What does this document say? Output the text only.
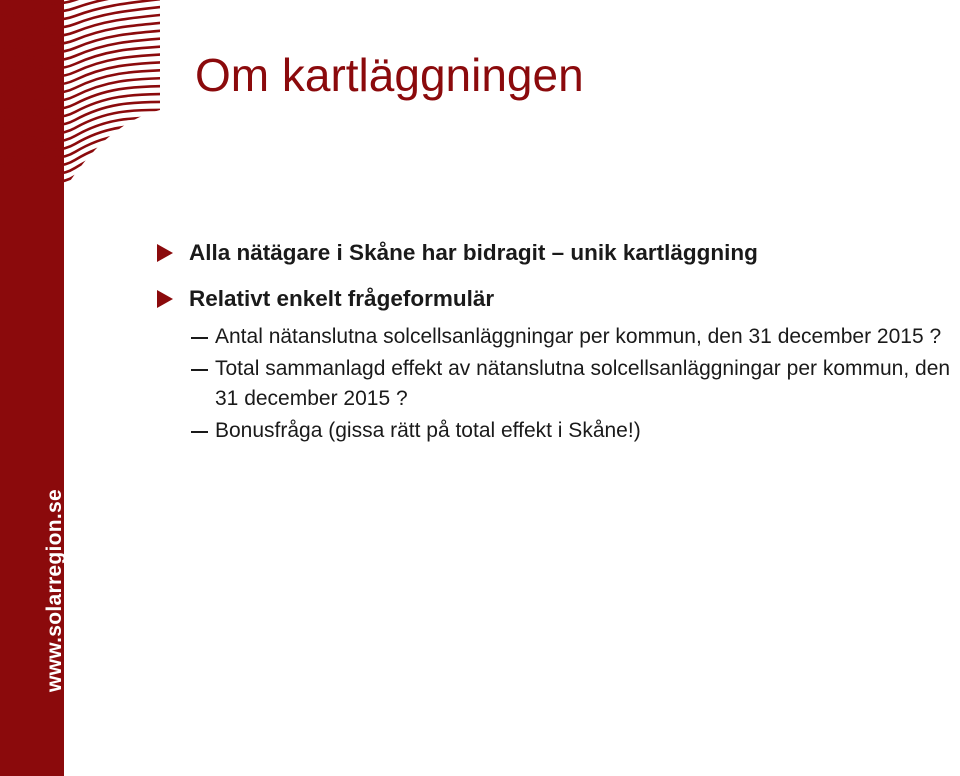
www.solarregion.se
Om kartläggningen
Alla nätägare i Skåne har bidragit – unik kartläggning
Relativt enkelt frågeformulär
Antal nätanslutna solcellsanläggningar per kommun, den 31 december 2015 ?
Total sammanlagd effekt av nätanslutna solcellsanläggningar per kommun, den 31 december 2015 ?
Bonusfråga (gissa rätt på total effekt i Skåne!)
